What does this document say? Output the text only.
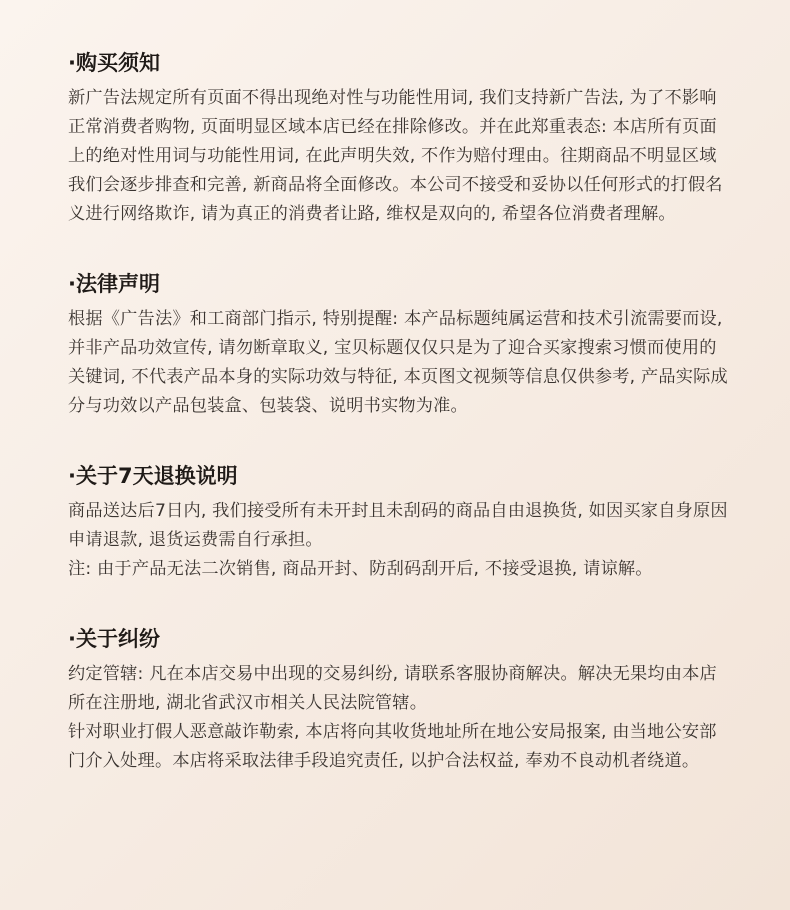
·购买须知

新广告法规定所有页面不得出现绝对性与功能性用词, 我们支持新广告法, 为了不影响正常消费者购物, 页面明显区域本店已经在排除修改。并在此郑重表态: 本店所有页面上的绝对性用词与功能性用词, 在此声明失效, 不作为赔付理由。往期商品不明显区域我们会逐步排查和完善, 新商品将全面修改。本公司不接受和妥协以任何形式的打假名义进行网络欺诈, 请为真正的消费者让路, 维权是双向的, 希望各位消费者理解。

·法律声明

根据《广告法》和工商部门指示, 特别提醒: 本产品标题纯属运营和技术引流需要而设, 并非产品功效宣传, 请勿断章取义, 宝贝标题仅仅只是为了迎合买家搜索习惯而使用的关键词, 不代表产品本身的实际功效与特征, 本页图文视频等信息仅供参考, 产品实际成分与功效以产品包装盒、包装袋、说明书实物为准。

·关于7天退换说明

商品送达后7日内, 我们接受所有未开封且未刮码的商品自由退换货, 如因买家自身原因申请退款, 退货运费需自行承担。

注: 由于产品无法二次销售, 商品开封、防刮码刮开后, 不接受退换, 请谅解。

·关于纠纷

约定管辖: 凡在本店交易中出现的交易纠纷, 请联系客服协商解决。解决无果均由本店所在注册地, 湖北省武汉市相关人民法院管辖。

针对职业打假人恶意敲诈勒索, 本店将向其收货地址所在地公安局报案, 由当地公安部门介入处理。本店将采取法律手段追究责任, 以护合法权益, 奉劝不良动机者绕道。
